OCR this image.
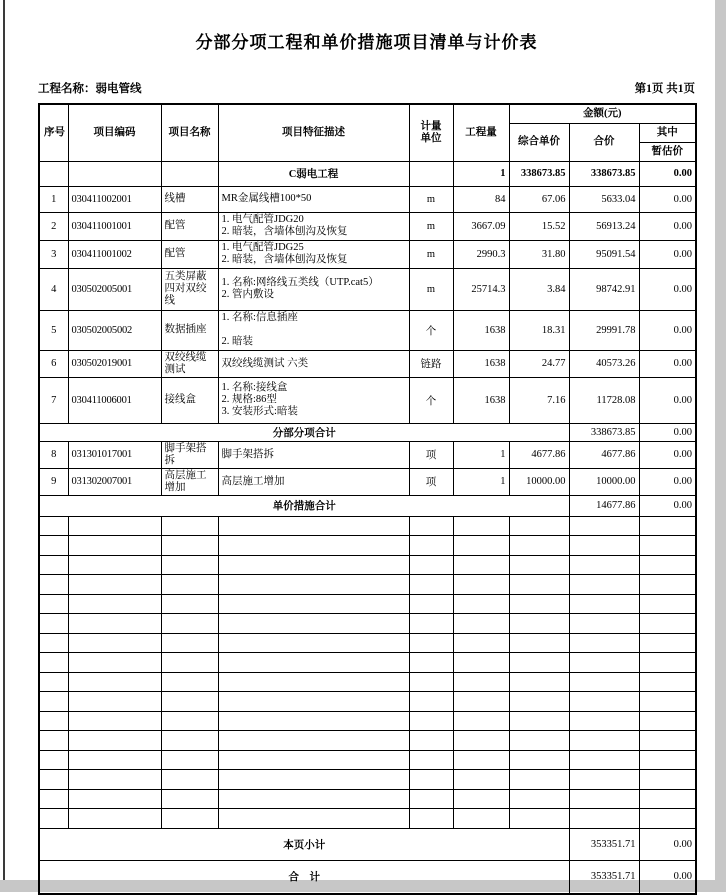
分部分项工程和单价措施项目清单与计价表
工程名称：弱电管线	第1页 共1页
序号	项目编码	项目名称	项目特征描述	计量单位	工程量	金额(元)		
						综合单价	合价	其中
								暂估价
			C弱电工程		1	338673.85	338673.85	0.00
1	030411002001	线槽	MR金属线槽100*50	m	84	67.06	5633.04	0.00
2	030411001001	配管	1. 电气配管JDG20
2. 暗装，含墙体刨沟及恢复	m	3667.09	15.52	56913.24	0.00
3	030411001002	配管	1. 电气配管JDG25
2. 暗装，含墙体刨沟及恢复	m	2990.3	31.80	95091.54	0.00
4	030502005001	五类屏蔽四对双绞线	1. 名称:网络线五类线（UTP.cat5）
2. 管内敷设	m	25714.3	3.84	98742.91	0.00
5	030502005002	数据插座	1. 名称:信息插座

2. 暗装	个	1638	18.31	29991.78	0.00
6	030502019001	双绞线缆测试	双绞线缆测试 六类	链路	1638	24.77	40573.26	0.00
7	030411006001	接线盒	1. 名称:接线盒
2. 规格:86型
3. 安装形式:暗装	个	1638	7.16	11728.08	0.00
分部分项合计							338673.85	0.00
8	031301017001	脚手架搭拆	脚手架搭拆	项	1	4677.86	4677.86	0.00
9	031302007001	高层施工增加	高层施工增加	项	1	10000.00	10000.00	0.00
单价措施合计							14677.86	0.00

本页小计							353351.71	0.00
合　计							353351.71	0.00
